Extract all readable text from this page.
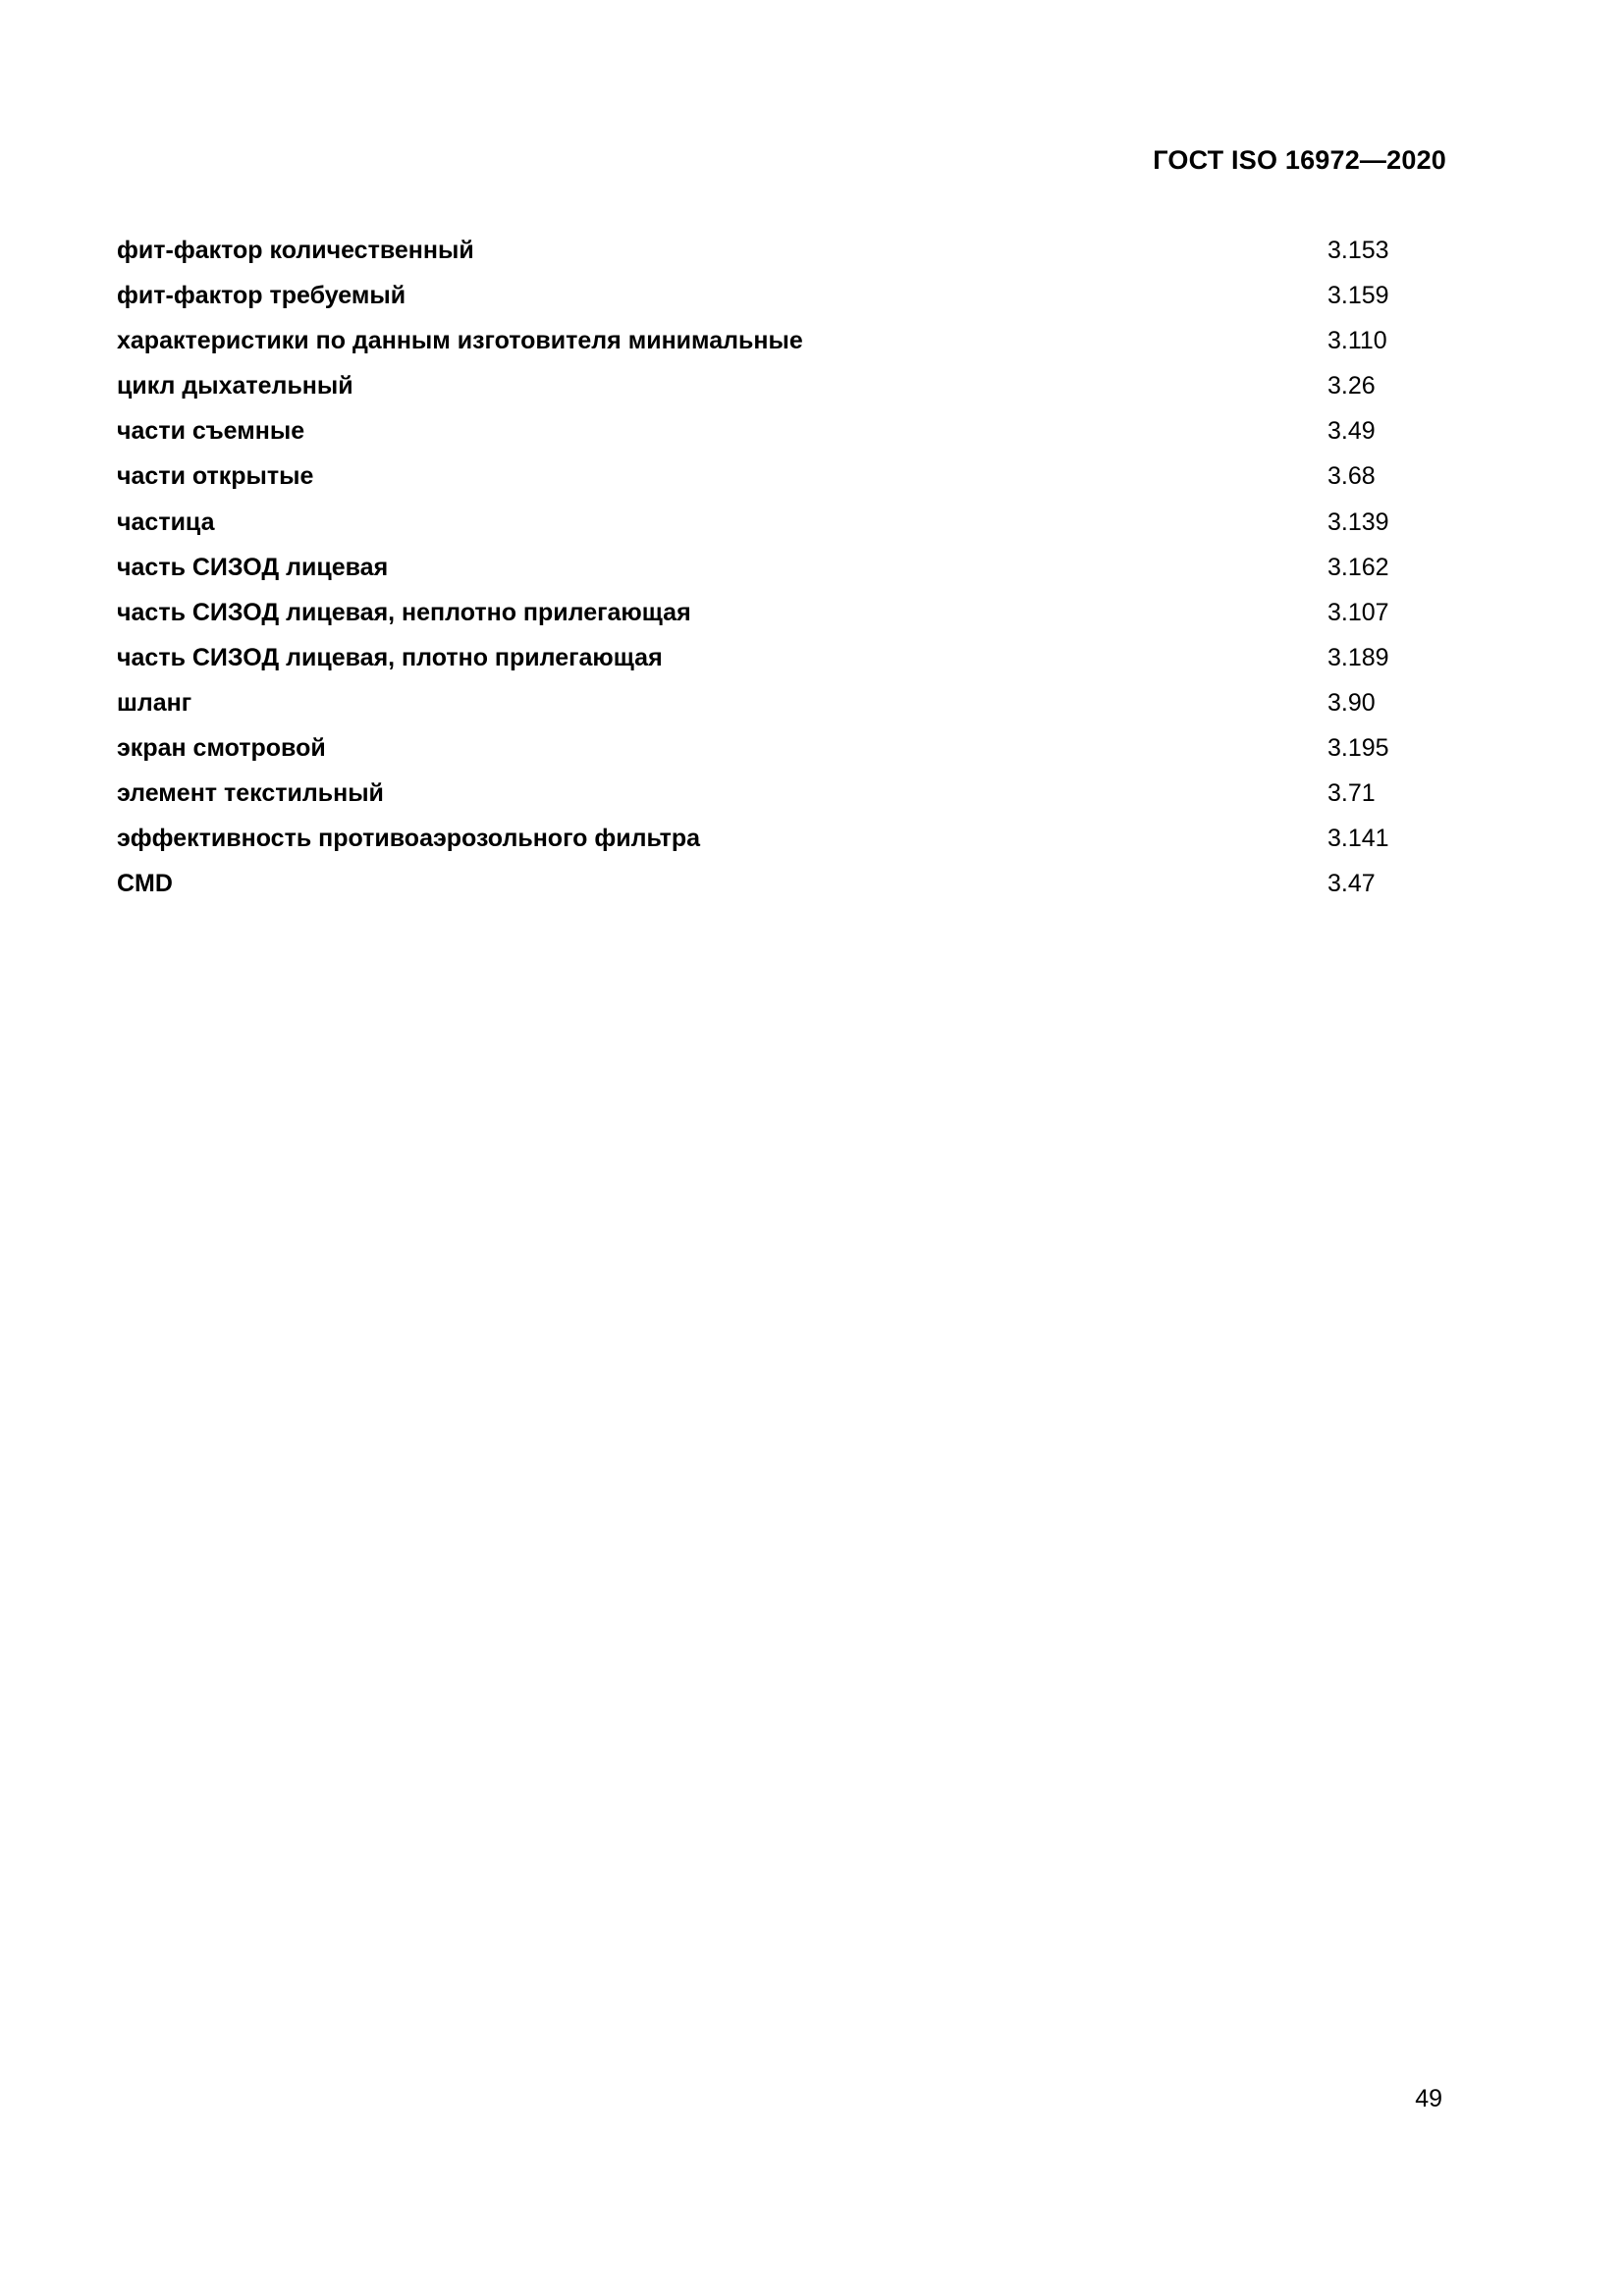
ГОСТ ISO 16972—2020
фит-фактор количественный	3.153
фит-фактор требуемый	3.159
характеристики по данным изготовителя минимальные	3.110
цикл дыхательный	3.26
части съемные	3.49
части открытые	3.68
частица	3.139
часть СИЗОД лицевая	3.162
часть СИЗОД лицевая, неплотно прилегающая	3.107
часть СИЗОД лицевая, плотно прилегающая	3.189
шланг	3.90
экран смотровой	3.195
элемент текстильный	3.71
эффективность противоаэрозольного фильтра	3.141
CMD	3.47
49
